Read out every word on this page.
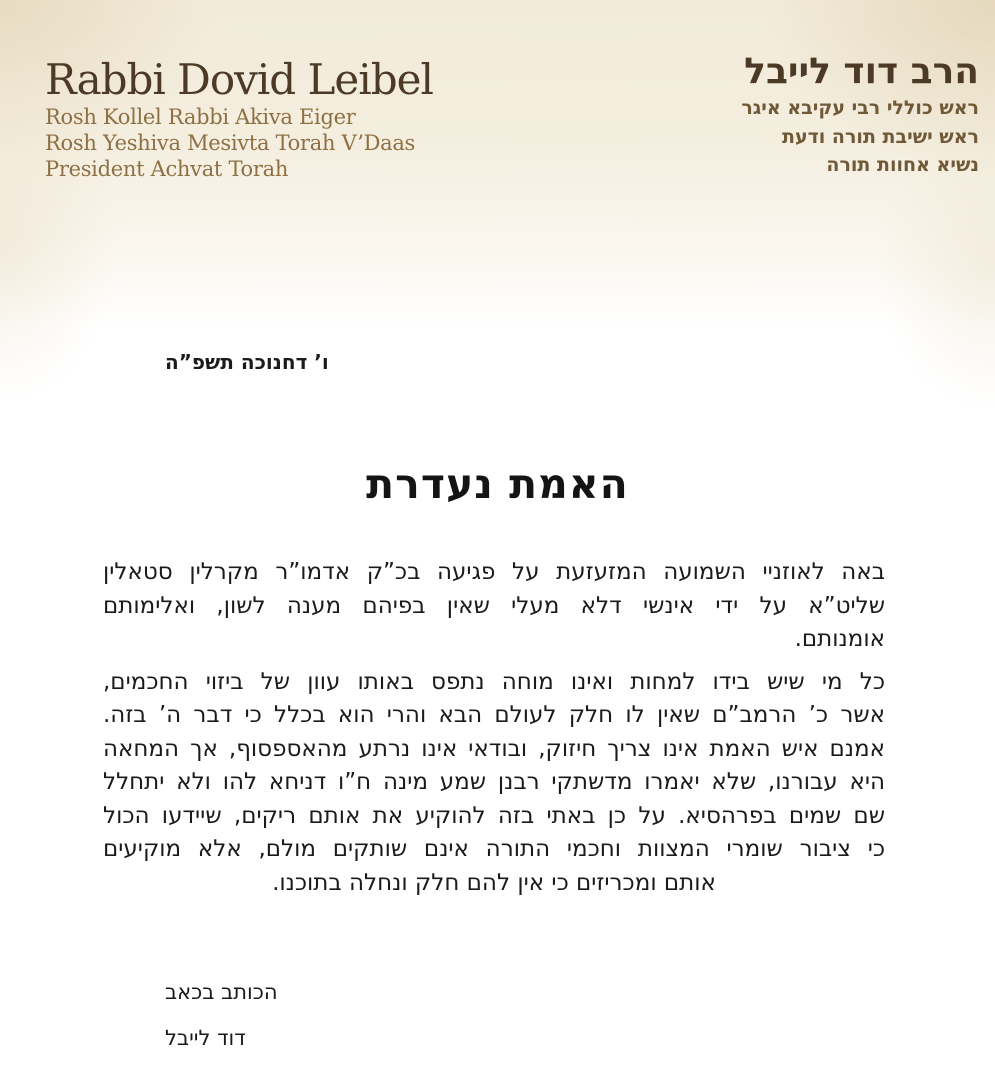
Rabbi Dovid Leibel
Rosh Kollel Rabbi Akiva Eiger
Rosh Yeshiva Mesivta Torah V’Daas
President Achvat Torah
הרב דוד לייבל
ראש כוללי רבי עקיבא איגר
ראש ישיבת תורה ודעת
נשיא אחוות תורה
ו’ דחנוכה תשפ”ה
האמת נעדרת
באה לאוזניי השמועה המזעזעת על פגיעה בכ”ק אדמו”ר מקרלין סטאלין
שליט”א על ידי אינשי דלא מעלי שאין בפיהם מענה לשון, ואלימותם
אומנותם.
כל מי שיש בידו למחות ואינו מוחה נתפס באותו עוון של ביזוי החכמים,
אשר כ’ הרמב”ם שאין לו חלק לעולם הבא והרי הוא בכלל כי דבר ה’ בזה.
אמנם איש האמת אינו צריך חיזוק, ובודאי אינו נרתע מהאספסוף, אך המחאה
היא עבורנו, שלא יאמרו מדשתקי רבנן שמע מינה ח”ו דניחא להו ולא יתחלל
שם שמים בפרהסיא. על כן באתי בזה להוקיע את אותם ריקים, שיידעו הכול
כי ציבור שומרי המצוות וחכמי התורה אינם שותקים מולם, אלא מוקיעים
אותם ומכריזים כי אין להם חלק ונחלה בתוכנו.
הכותב בכאב
דוד לייבל
